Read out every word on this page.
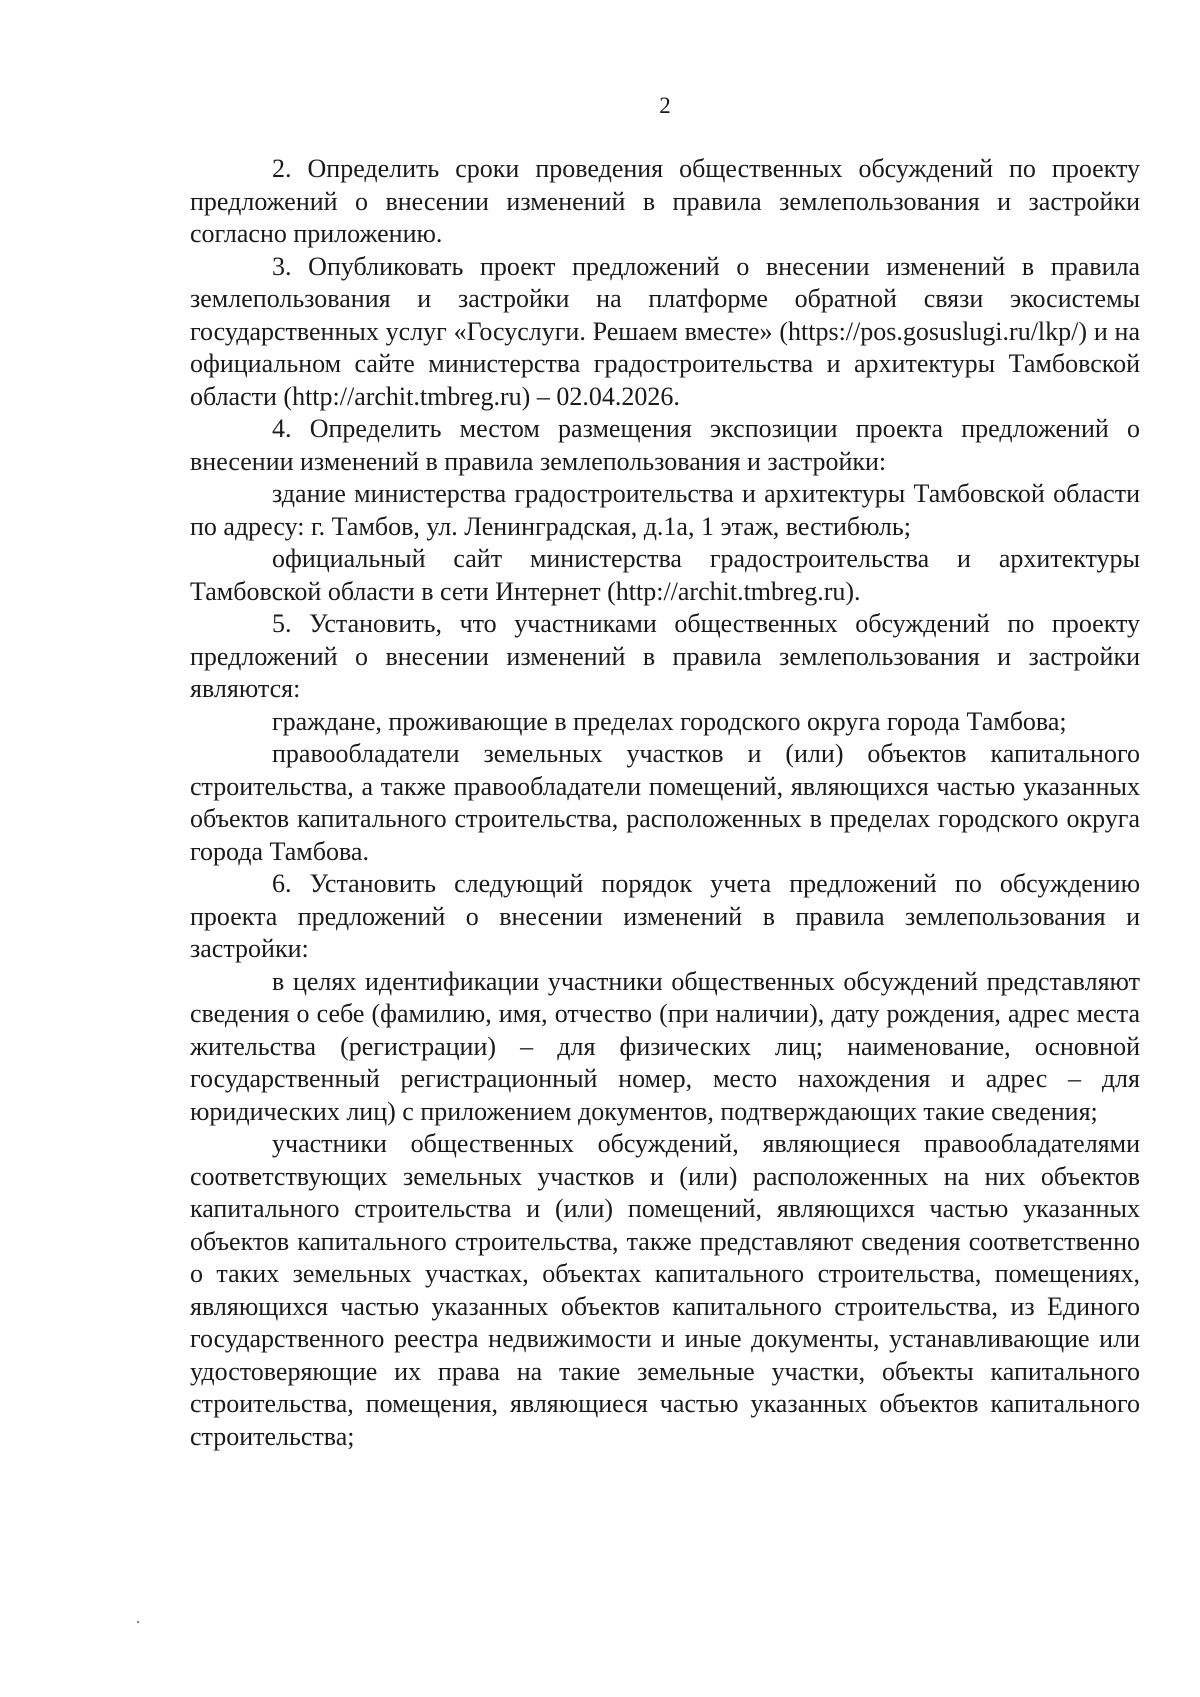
2

2. Определить сроки проведения общественных обсуждений по проекту предложений о внесении изменений в правила землепользования и застройки согласно приложению.

3. Опубликовать проект предложений о внесении изменений в правила землепользования и застройки на платформе обратной связи экосистемы государственных услуг «Госуслуги. Решаем вместе» (https://pos.gosuslugi.ru/lkp/) и на официальном сайте министерства градостроительства и архитектуры Тамбовской области (http://archit.tmbreg.ru) – 02.04.2026.

4. Определить местом размещения экспозиции проекта предложений о внесении изменений в правила землепользования и застройки:

здание министерства градостроительства и архитектуры Тамбовской области по адресу: г. Тамбов, ул. Ленинградская, д.1а, 1 этаж, вестибюль;

официальный сайт министерства градостроительства и архитектуры Тамбовской области в сети Интернет (http://archit.tmbreg.ru).

5. Установить, что участниками общественных обсуждений по проекту предложений о внесении изменений в правила землепользования и застройки являются:

граждане, проживающие в пределах городского округа города Тамбова;

правообладатели земельных участков и (или) объектов капитального строительства, а также правообладатели помещений, являющихся частью указанных объектов капитального строительства, расположенных в пределах городского округа города Тамбова.

6. Установить следующий порядок учета предложений по обсуждению проекта предложений о внесении изменений в правила землепользования и застройки:

в целях идентификации участники общественных обсуждений представляют сведения о себе (фамилию, имя, отчество (при наличии), дату рождения, адрес места жительства (регистрации) – для физических лиц; наименование, основной государственный регистрационный номер, место нахождения и адрес – для юридических лиц) с приложением документов, подтверждающих такие сведения;

участники общественных обсуждений, являющиеся правообладателями соответствующих земельных участков и (или) расположенных на них объектов капитального строительства и (или) помещений, являющихся частью указанных объектов капитального строительства, также представляют сведения соответственно о таких земельных участках, объектах капитального строительства, помещениях, являющихся частью указанных объектов капитального строительства, из Единого государственного реестра недвижимости и иные документы, устанавливающие или удостоверяющие их права на такие земельные участки, объекты капитального строительства, помещения, являющиеся частью указанных объектов капитального строительства;
